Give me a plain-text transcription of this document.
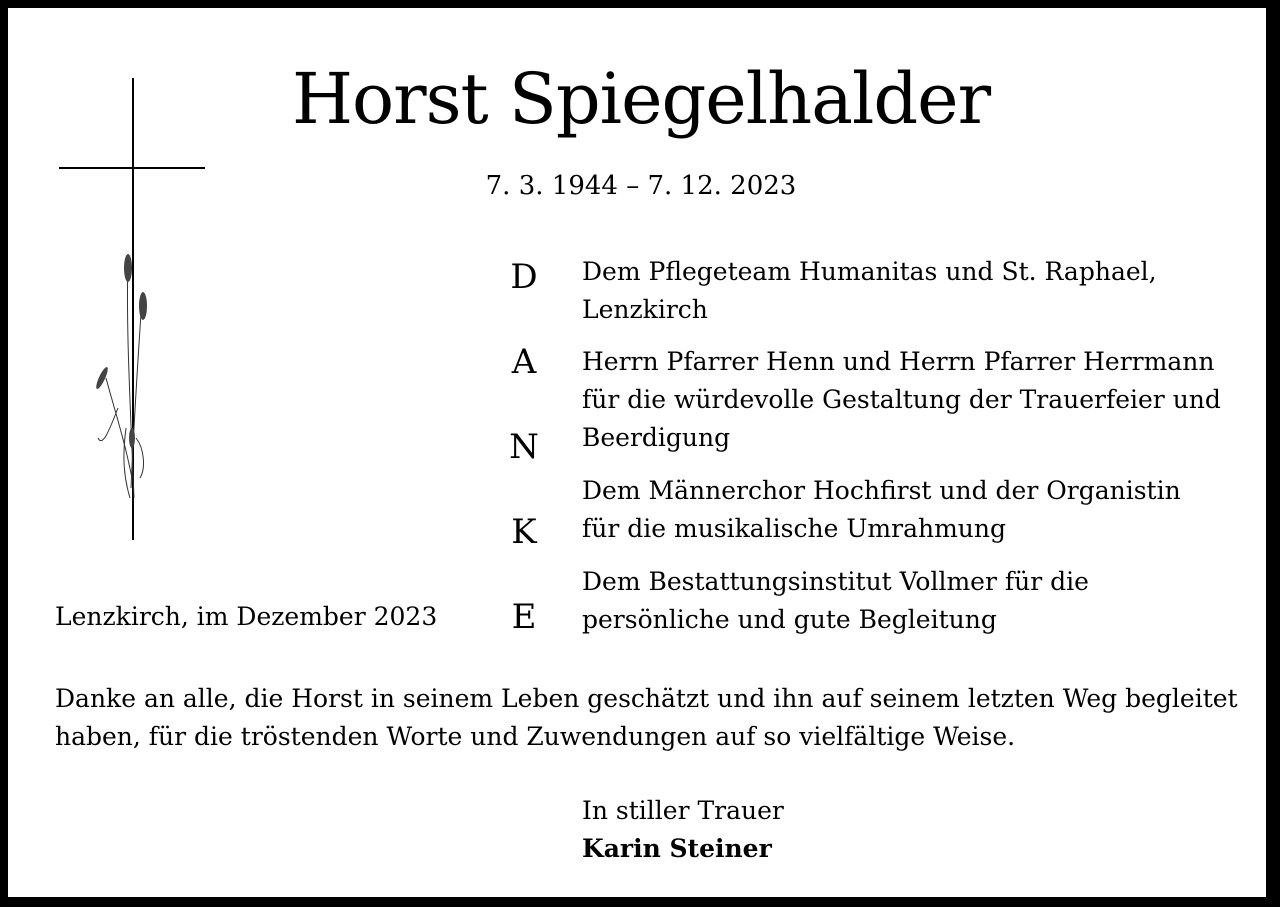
Horst Spiegelhalder
7. 3. 1944 – 7. 12. 2023
D
A
N
K
E
Dem Pflegeteam Humanitas und St. Raphael,
Lenzkirch
Herrn Pfarrer Henn und Herrn Pfarrer Herrmann
für die würdevolle Gestaltung der Trauerfeier und
Beerdigung
Dem Männerchor Hochfirst und der Organistin
für die musikalische Umrahmung
Dem Bestattungsinstitut Vollmer für die
persönliche und gute Begleitung
Lenzkirch, im Dezember 2023
Danke an alle, die Horst in seinem Leben geschätzt und ihn auf seinem letzten Weg begleitet haben, für die tröstenden Worte und Zuwendungen auf so vielfältige Weise.
In stiller Trauer
Karin Steiner
